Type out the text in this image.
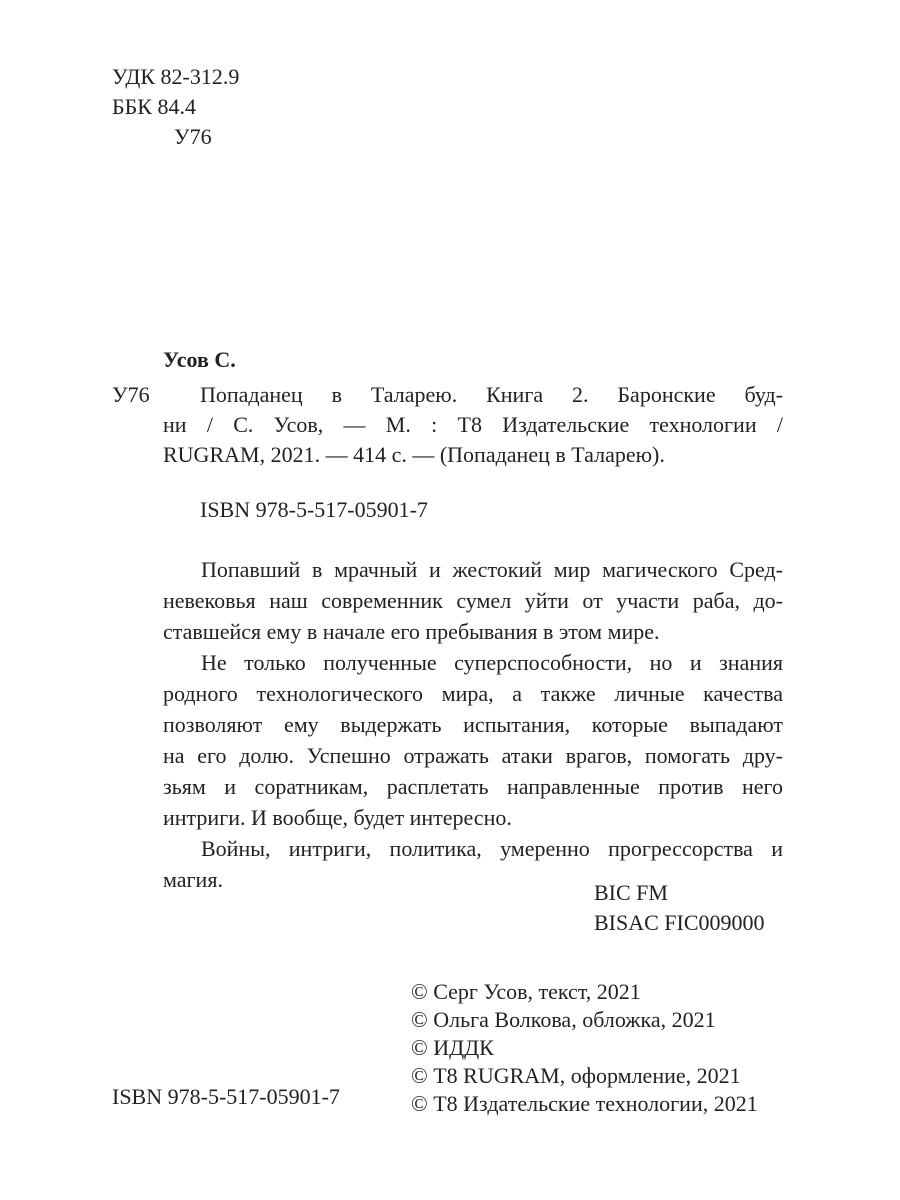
УДК 82-312.9
ББК 84.4
У76
Усов С.
У76 Попаданец в Таларею. Книга 2. Баронские буд-
ни / С. Усов, — М. : Т8 Издательские технологии /
RUGRAM, 2021. — 414 с. — (Попаданец в Таларею).
ISBN 978-5-517-05901-7
Попавший в мрачный и жестокий мир магического Сред-
невековья наш современник сумел уйти от участи раба, до-
ставшейся ему в начале его пребывания в этом мире.
Не только полученные суперспособности, но и знания
родного технологического мира, а также личные качества
позволяют ему выдержать испытания, которые выпадают
на его долю. Успешно отражать атаки врагов, помогать дру-
зьям и соратникам, расплетать направленные против него
интриги. И вообще, будет интересно.
Войны, интриги, политика, умеренно прогрессорства и
магия.
BIC FM
BISAC FIC009000
ISBN 978-5-517-05901-7
© Серг Усов, текст, 2021
© Ольга Волкова, обложка, 2021
© ИДДК
© Т8 RUGRAM, оформление, 2021
© Т8 Издательские технологии, 2021
